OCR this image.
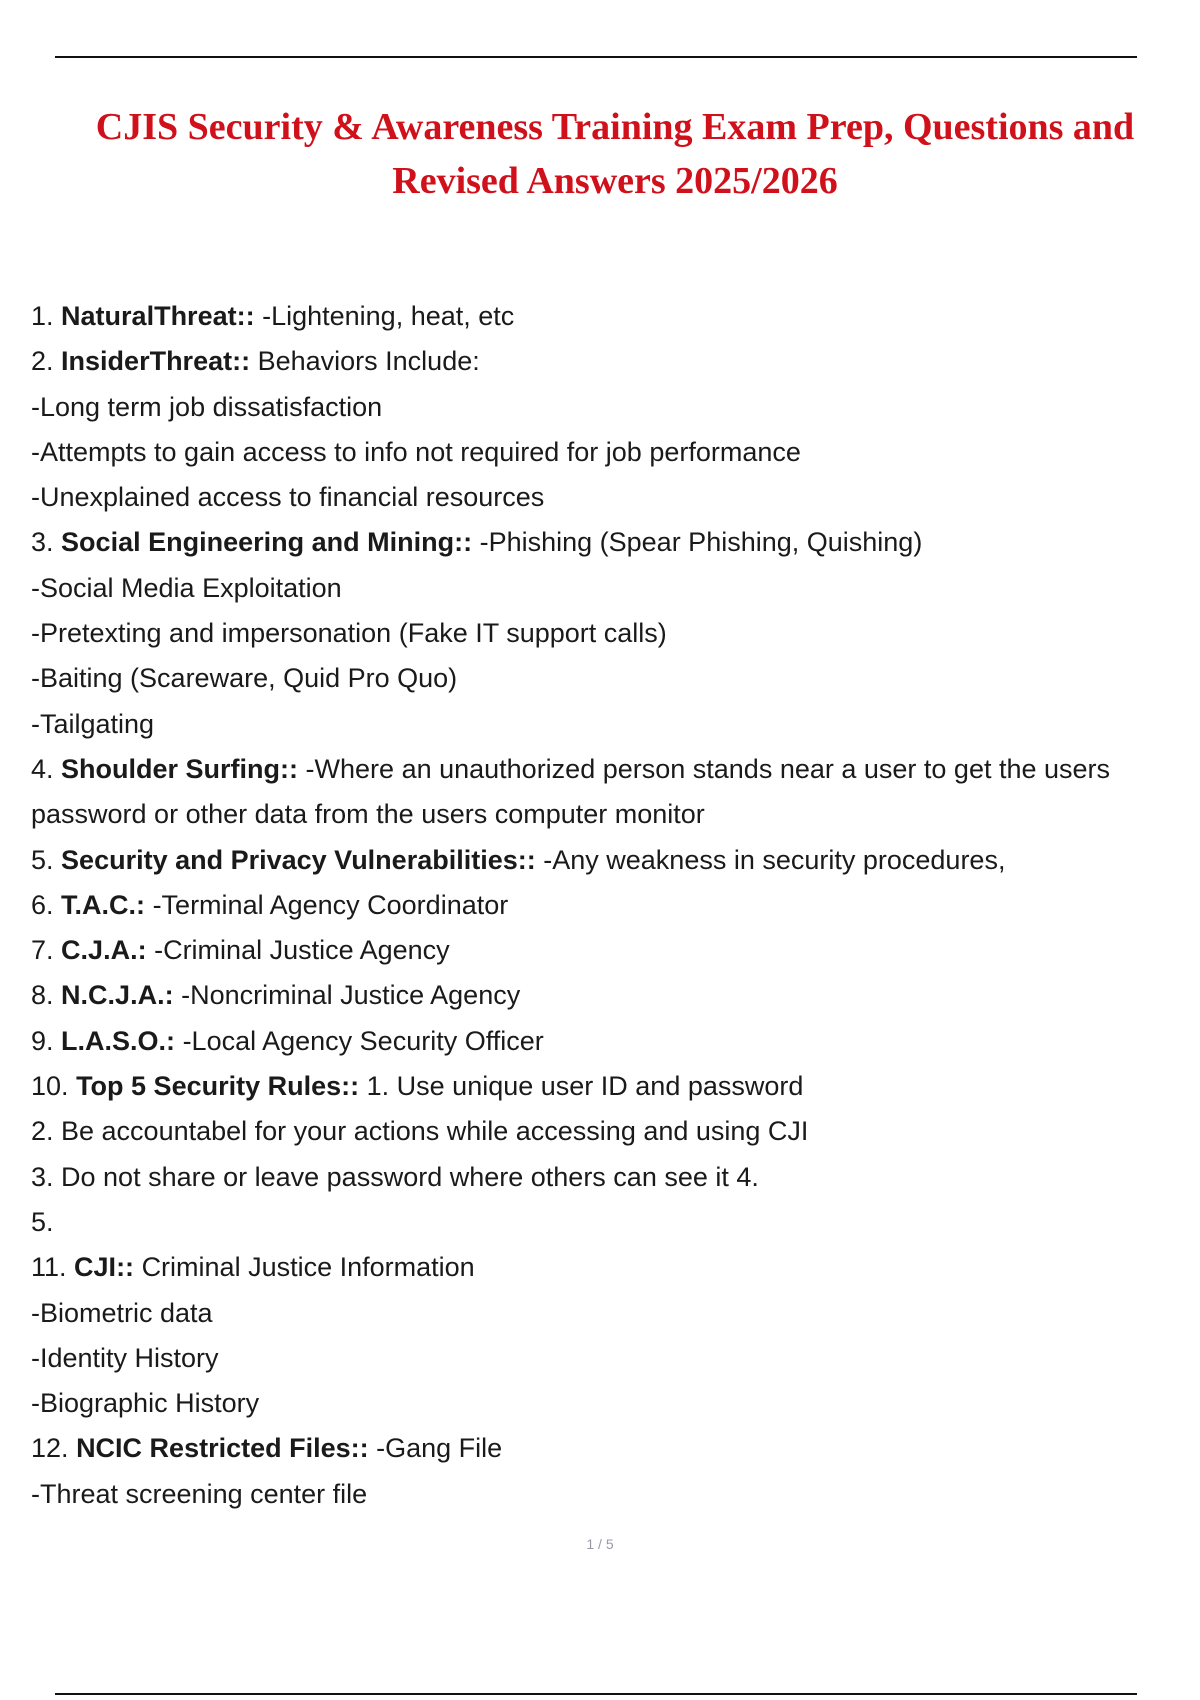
CJIS Security & Awareness Training Exam Prep, Questions and
Revised Answers 2025/2026
1. NaturalThreat:: -Lightening, heat, etc
2. InsiderThreat:: Behaviors Include:
-Long term job dissatisfaction
-Attempts to gain access to info not required for job performance
-Unexplained access to financial resources
3. Social Engineering and Mining:: -Phishing (Spear Phishing, Quishing)
-Social Media Exploitation
-Pretexting and impersonation (Fake IT support calls)
-Baiting (Scareware, Quid Pro Quo)
-Tailgating
4. Shoulder Surfing:: -Where an unauthorized person stands near a user to get the users password or other data from the users computer monitor
5. Security and Privacy Vulnerabilities:: -Any weakness in security procedures,
6. T.A.C.: -Terminal Agency Coordinator
7. C.J.A.: -Criminal Justice Agency
8. N.C.J.A.: -Noncriminal Justice Agency
9. L.A.S.O.: -Local Agency Security Officer
10. Top 5 Security Rules:: 1. Use unique user ID and password
2. Be accountabel for your actions while accessing and using CJI
3. Do not share or leave password where others can see it 4.
5.
11. CJI:: Criminal Justice Information
-Biometric data
-Identity History
-Biographic History
12. NCIC Restricted Files:: -Gang File
-Threat screening center file
1 / 5
